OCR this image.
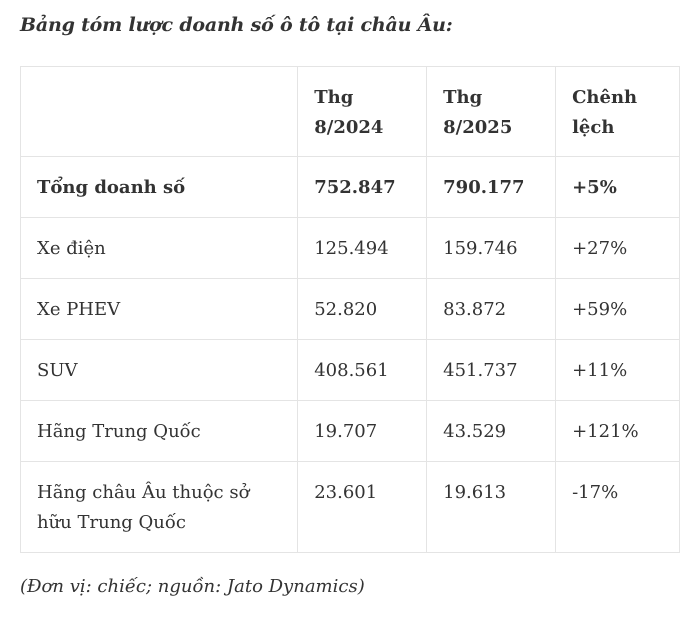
Bảng tóm lược doanh số ô tô tại châu Âu:

	Thg 8/2024	Thg 8/2025	Chênh lệch
Tổng doanh số	752.847	790.177	+5%
Xe điện	125.494	159.746	+27%
Xe PHEV	52.820	83.872	+59%
SUV	408.561	451.737	+11%
Hãng Trung Quốc	19.707	43.529	+121%
Hãng châu Âu thuộc sở hữu Trung Quốc	23.601	19.613	-17%

(Đơn vị: chiếc; nguồn: Jato Dynamics)
